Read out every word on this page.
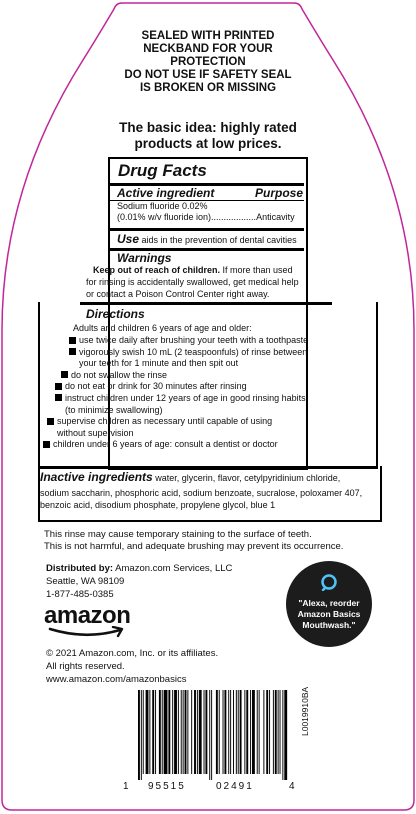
SEALED WITH PRINTED
NECKBAND FOR YOUR
PROTECTION
DO NOT USE IF SAFETY SEAL
IS BROKEN OR MISSING
The basic idea: highly rated
products at low prices.
Drug Facts
Active ingredient	Purpose
Sodium fluoride 0.02%
(0.01% w/v fluoride ion)..................Anticavity
Use aids in the prevention of dental cavities
Warnings
Keep out of reach of children. If more than used
for rinsing is accidentally swallowed, get medical help
or contact a Poison Control Center right away.
Directions
Adults and children 6 years of age and older:
use twice daily after brushing your teeth with a toothpaste
vigorously swish 10 mL (2 teaspoonfuls) of rinse between
your teeth for 1 minute and then spit out
do not swallow the rinse
do not eat or drink for 30 minutes after rinsing
instruct children under 12 years of age in good rinsing habits
(to minimize swallowing)
supervise children as necessary until capable of using
without supervision
children under 6 years of age: consult a dentist or doctor
Inactive ingredients water, glycerin, flavor, cetylpyridinium chloride,
sodium saccharin, phosphoric acid, sodium benzoate, sucralose, poloxamer 407,
benzoic acid, disodium phosphate, propylene glycol, blue 1
This rinse may cause temporary staining to the surface of teeth.
This is not harmful, and adequate brushing may prevent its occurrence.
Distributed by: Amazon.com Services, LLC
Seattle, WA 98109
1-877-485-0385
amazon
© 2021 Amazon.com, Inc. or its affiliates.
All rights reserved.
www.amazon.com/amazonbasics
"Alexa, reorder
Amazon Basics
Mouthwash."
1 95515	02491	4
L0019910BA
